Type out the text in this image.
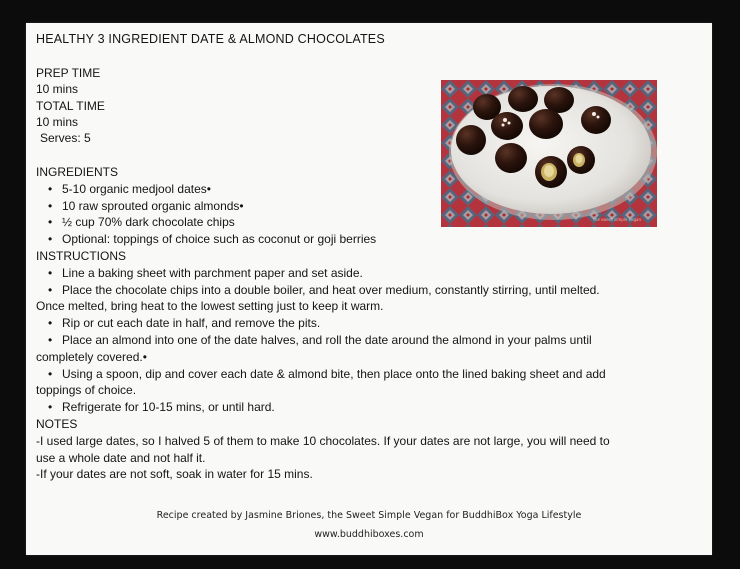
HEALTHY 3 INGREDIENT DATE & ALMOND CHOCOLATES
PREP TIME
10 mins
TOTAL TIME
10 mins
Serves: 5
the sweet simple vegan
INGREDIENTS
• 5-10 organic medjool dates•
• 10 raw sprouted organic almonds•
• ½ cup 70% dark chocolate chips
• Optional: toppings of choice such as coconut or goji berries
INSTRUCTIONS
• Line a baking sheet with parchment paper and set aside.
• Place the chocolate chips into a double boiler, and heat over medium, constantly stirring, until melted.
Once melted, bring heat to the lowest setting just to keep it warm.
• Rip or cut each date in half, and remove the pits.
• Place an almond into one of the date halves, and roll the date around the almond in your palms until
completely covered.•
• Using a spoon, dip and cover each date & almond bite, then place onto the lined baking sheet and add
toppings of choice.
• Refrigerate for 10-15 mins, or until hard.
NOTES
-I used large dates, so I halved 5 of them to make 10 chocolates. If your dates are not large, you will need to
use a whole date and not half it.
-If your dates are not soft, soak in water for 15 mins.
Recipe created by Jasmine Briones, the Sweet Simple Vegan for BuddhiBox Yoga Lifestyle
www.buddhiboxes.com
